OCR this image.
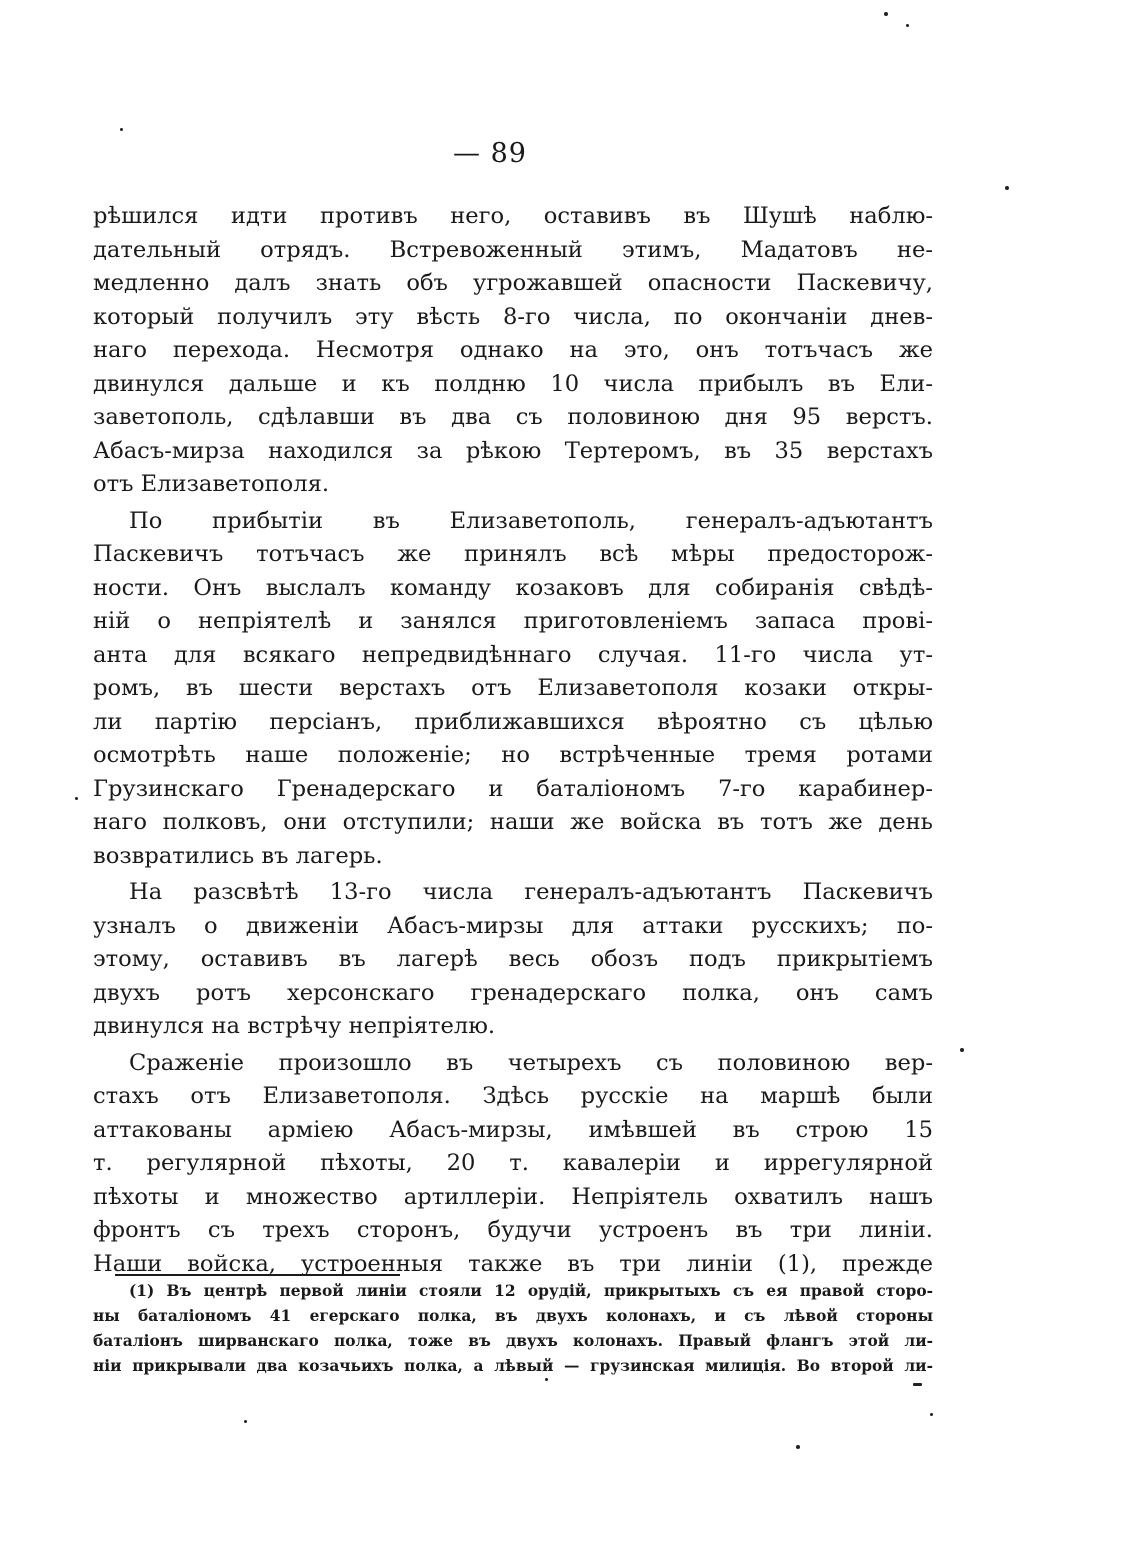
— 89
рѣшился идти противъ него, оставивъ въ Шушѣ наблю-
дательный отрядъ. Встревоженный этимъ, Мадатовъ не-
медленно далъ знать объ угрожавшей опасности Паскевичу,
который получилъ эту вѣсть 8-го числа, по окончаніи днев-
наго перехода. Несмотря однако на это, онъ тотъчасъ же
двинулся дальше и къ полдню 10 числа прибылъ въ Ели-
заветополь, сдѣлавши въ два съ половиною дня 95 верстъ.
Абасъ-мирза находился за рѣкою Тертеромъ, въ 35 верстахъ
отъ Елизаветополя.
По прибытіи въ Елизаветополь, генералъ-адъютантъ
Паскевичъ тотъчасъ же принялъ всѣ мѣры предосторож-
ности. Онъ выслалъ команду козаковъ для собиранія свѣдѣ-
ній о непріятелѣ и занялся приготовленіемъ запаса прові-
анта для всякаго непредвидѣннаго случая. 11-го числа ут-
ромъ, въ шести верстахъ отъ Елизаветополя козаки откры-
ли партію персіанъ, приближавшихся вѣроятно съ цѣлью
осмотрѣть наше положеніе; но встрѣченные тремя ротами
Грузинскаго Гренадерскаго и баталіономъ 7-го карабинер-
наго полковъ, они отступили; наши же войска въ тотъ же день
возвратились въ лагерь.
На разсвѣтѣ 13-го числа генералъ-адъютантъ Паскевичъ
узналъ о движеніи Абасъ-мирзы для аттаки русскихъ; по-
этому, оставивъ въ лагерѣ весь обозъ подъ прикрытіемъ
двухъ ротъ херсонскаго гренадерскаго полка, онъ самъ
двинулся на встрѣчу непріятелю.
Сраженіе произошло въ четырехъ съ половиною вер-
стахъ отъ Елизаветополя. Здѣсь русскіе на маршѣ были
аттакованы арміею Абасъ-мирзы, имѣвшей въ строю 15
т. регулярной пѣхоты, 20 т. кавалеріи и иррегулярной
пѣхоты и множество артиллеріи. Непріятель охватилъ нашъ
фронтъ съ трехъ сторонъ, будучи устроенъ въ три линіи.
Наши войска, устроенныя также въ три линіи (1), прежде
(1) Въ центрѣ первой линіи стояли 12 орудій, прикрытыхъ съ ея правой сторо-
ны баталіономъ 41 егерскаго полка, въ двухъ колонахъ, и съ лѣвой стороны
баталіонъ ширванскаго полка, тоже въ двухъ колонахъ. Правый флангъ этой ли-
ніи прикрывали два козачьихъ полка, а лѣвый — грузинская милиція. Во второй ли-
